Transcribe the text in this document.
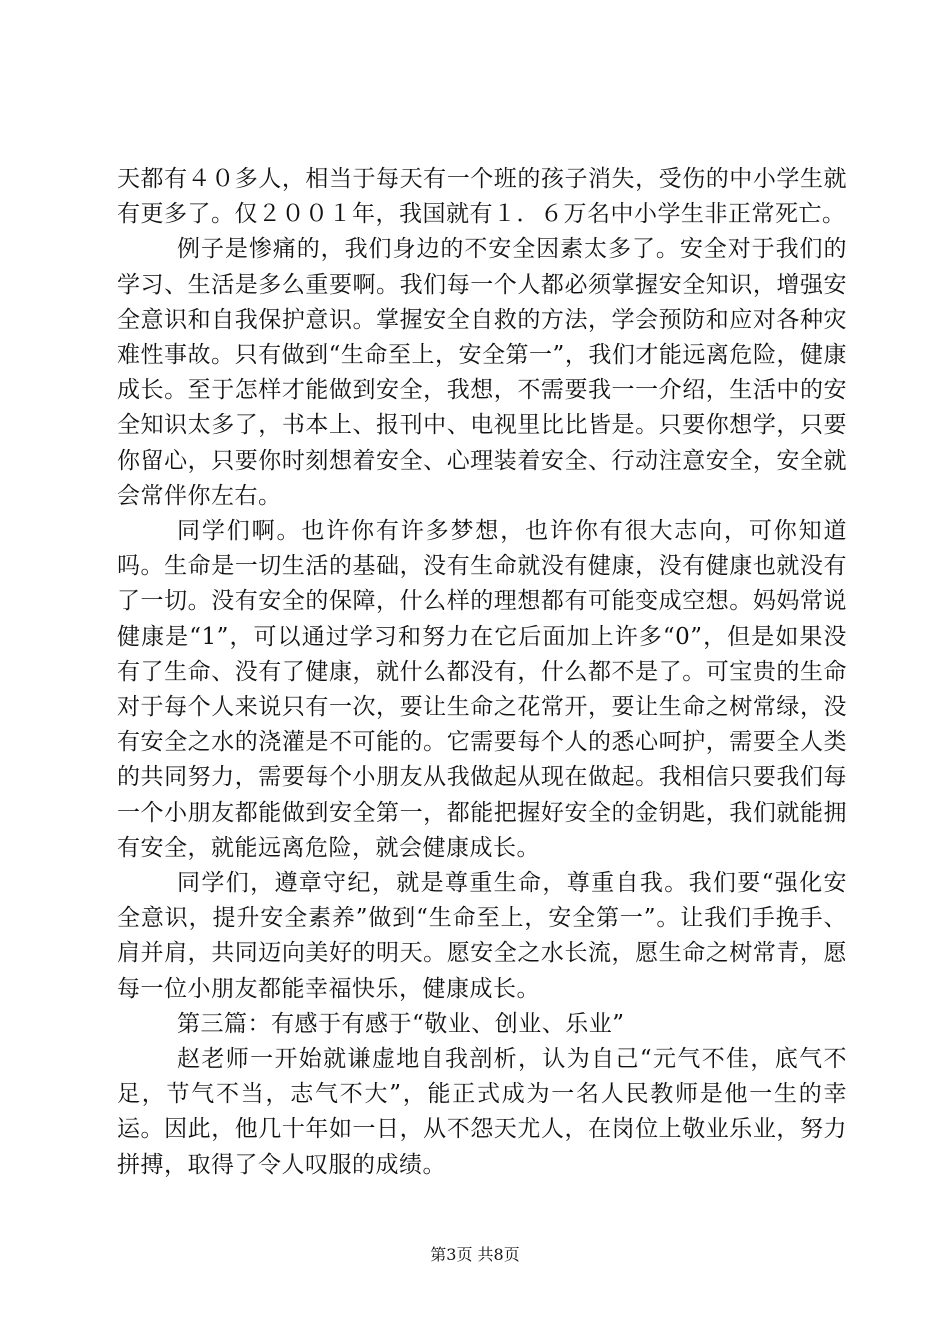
天都有４０多人，相当于每天有一个班的孩子消失，受伤的中小学生就有更多了。仅２００１年，我国就有１．６万名中小学生非正常死亡。

例子是惨痛的，我们身边的不安全因素太多了。安全对于我们的学习、生活是多么重要啊。我们每一个人都必须掌握安全知识，增强安全意识和自我保护意识。掌握安全自救的方法，学会预防和应对各种灾难性事故。只有做到“生命至上，安全第一”，我们才能远离危险，健康成长。至于怎样才能做到安全，我想，不需要我一一介绍，生活中的安全知识太多了，书本上、报刊中、电视里比比皆是。只要你想学，只要你留心，只要你时刻想着安全、心理装着安全、行动注意安全，安全就会常伴你左右。

同学们啊。也许你有许多梦想，也许你有很大志向，可你知道吗。生命是一切生活的基础，没有生命就没有健康，没有健康也就没有了一切。没有安全的保障，什么样的理想都有可能变成空想。妈妈常说健康是“1”，可以通过学习和努力在它后面加上许多“0”，但是如果没有了生命、没有了健康，就什么都没有，什么都不是了。可宝贵的生命对于每个人来说只有一次，要让生命之花常开，要让生命之树常绿，没有安全之水的浇灌是不可能的。它需要每个人的悉心呵护，需要全人类的共同努力，需要每个小朋友从我做起从现在做起。我相信只要我们每一个小朋友都能做到安全第一，都能把握好安全的金钥匙，我们就能拥有安全，就能远离危险，就会健康成长。

同学们，遵章守纪，就是尊重生命，尊重自我。我们要“强化安全意识，提升安全素养”做到“生命至上，安全第一”。让我们手挽手、肩并肩，共同迈向美好的明天。愿安全之水长流，愿生命之树常青，愿每一位小朋友都能幸福快乐，健康成长。

第三篇：有感于有感于“敬业、创业、乐业”

赵老师一开始就谦虚地自我剖析，认为自己“元气不佳，底气不足，节气不当，志气不大”，能正式成为一名人民教师是他一生的幸运。因此，他几十年如一日，从不怨天尤人，在岗位上敬业乐业，努力拼搏，取得了令人叹服的成绩。

第3页 共8页
